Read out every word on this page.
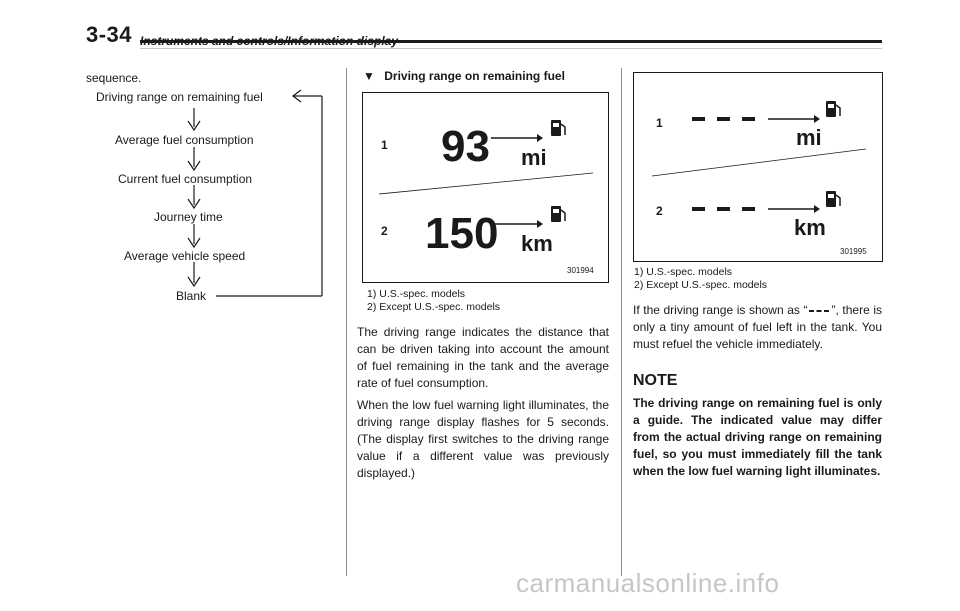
3-34
sequence.
Driving range on remaining fuel
Average fuel consumption
Current fuel consumption
Journey time
Average vehicle speed
Blank
▼ Driving range on remaining fuel
1
2
93
150
mi
km
301994
1) U.S.-spec. models
2) Except U.S.-spec. models
The driving range indicates the distance that can be driven taking into account the amount of fuel remaining in the tank and the average rate of fuel consumption.
When the low fuel warning light illuminates, the driving range display flashes for 5 seconds. (The display first switches to the driving range value if a different value was previously displayed.)
1
2
mi
km
301995
1) U.S.-spec. models
2) Except U.S.-spec. models
If the driving range is shown as “ ”, there is only a tiny amount of fuel left in the tank. You must refuel the vehicle immediately.
NOTE
The driving range on remaining fuel is only a guide. The indicated value may differ from the actual driving range on remaining fuel, so you must immediately fill the tank when the low fuel warning light illuminates.
carmanualsonline.info
